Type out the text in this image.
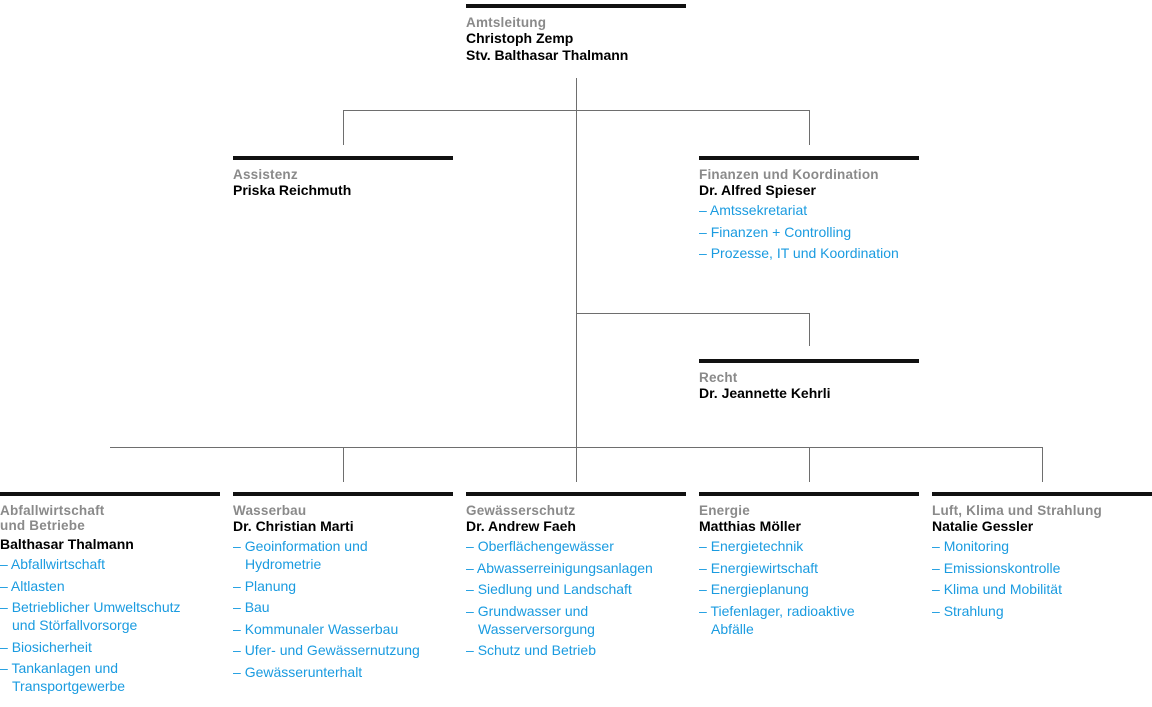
Amtsleitung
Christoph Zemp
Stv. Balthasar Thalmann
Assistenz
Priska Reichmuth
Finanzen und Koordination
Dr. Alfred Spieser
– Amtssekretariat
– Finanzen + Controlling
– Prozesse, IT und Koordination
Recht
Dr. Jeannette Kehrli
Abfallwirtschaft und Betriebe
Balthasar Thalmann
– Abfallwirtschaft
– Altlasten
– Betrieblicher Umweltschutz und Störfallvorsorge
– Biosicherheit
– Tankanlagen und Transportgewerbe
Wasserbau
Dr. Christian Marti
– Geoinformation und Hydrometrie
– Planung
– Bau
– Kommunaler Wasserbau
– Ufer- und Gewässernutzung
– Gewässerunterhalt
Gewässerschutz
Dr. Andrew Faeh
– Oberflächengewässer
– Abwasserreinigungsanlagen
– Siedlung und Landschaft
– Grundwasser und Wasserversorgung
– Schutz und Betrieb
Energie
Matthias Möller
– Energietechnik
– Energiewirtschaft
– Energieplanung
– Tiefenlager, radioaktive Abfälle
Luft, Klima und Strahlung
Natalie Gessler
– Monitoring
– Emissionskontrolle
– Klima und Mobilität
– Strahlung
